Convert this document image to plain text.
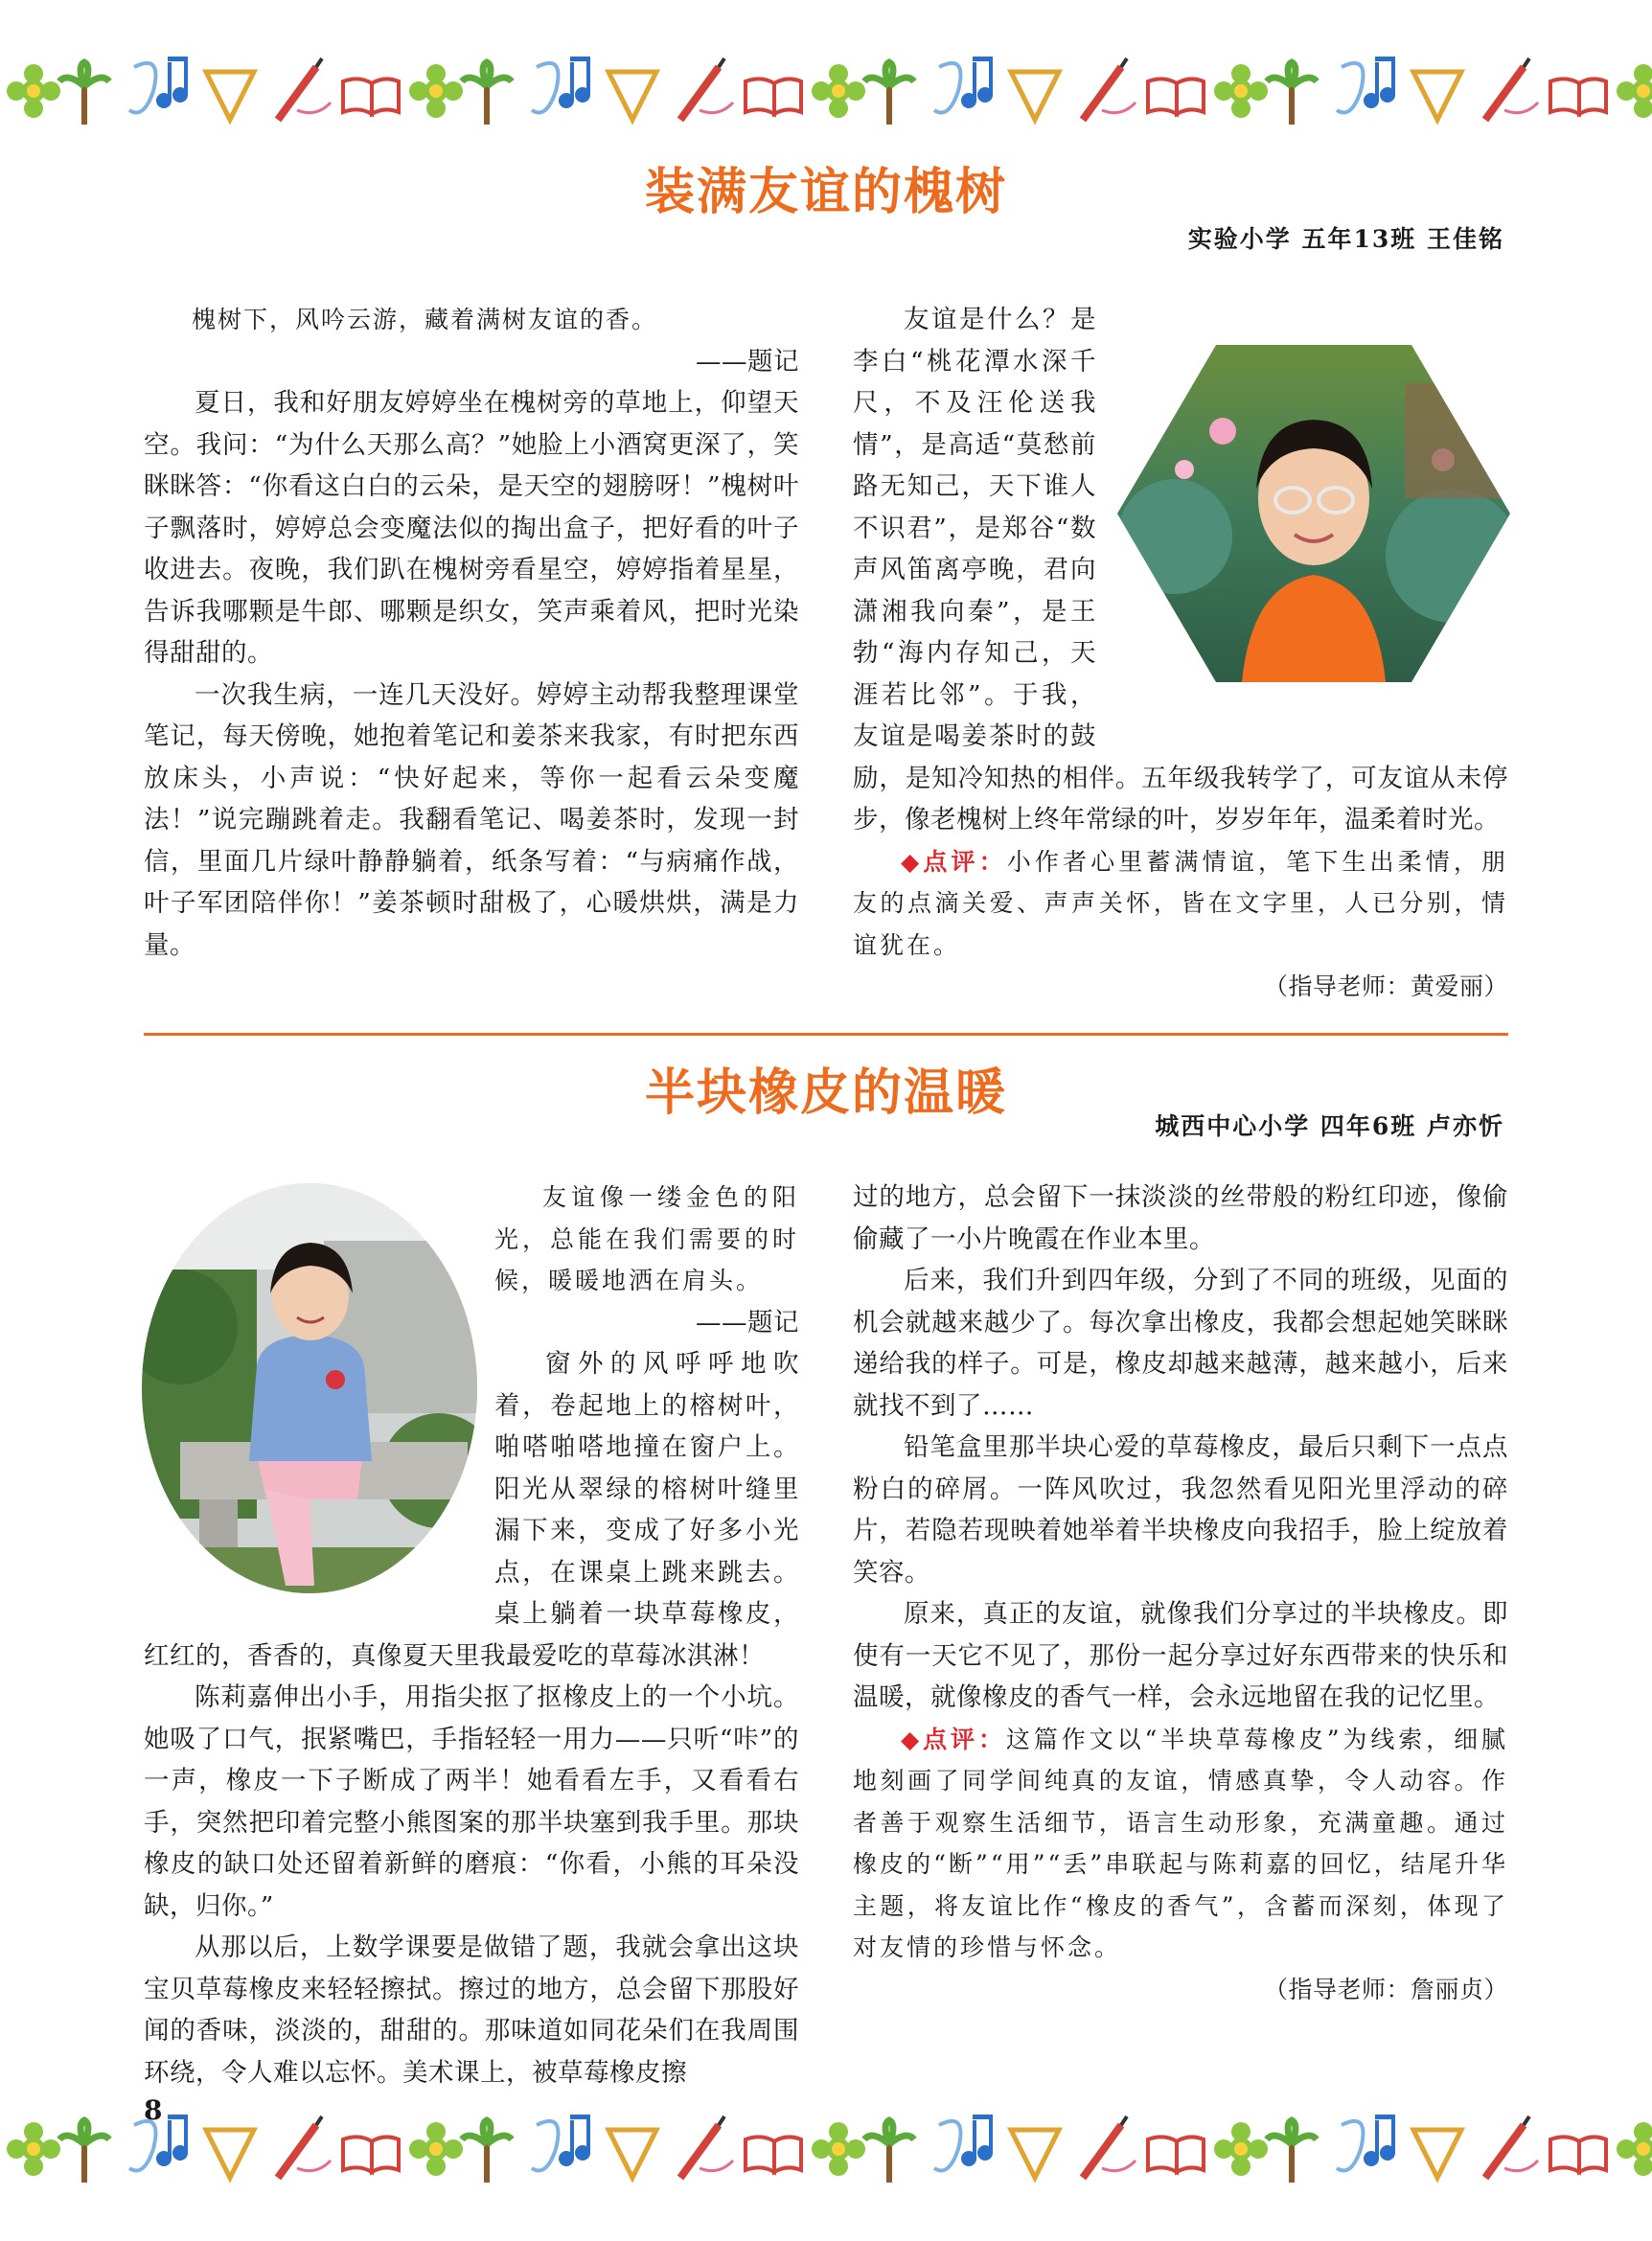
装满友谊的槐树
实验小学 五年13班 王佳铭

槐树下，风吟云游，藏着满树友谊的香。

——题记

夏日，我和好朋友婷婷坐在槐树旁的草地上，仰望天空。我问：“为什么天那么高？”她脸上小酒窝更深了，笑眯眯答：“你看这白白的云朵，是天空的翅膀呀！”槐树叶子飘落时，婷婷总会变魔法似的掏出盒子，把好看的叶子收进去。夜晚，我们趴在槐树旁看星空，婷婷指着星星，告诉我哪颗是牛郎、哪颗是织女，笑声乘着风，把时光染得甜甜的。

一次我生病，一连几天没好。婷婷主动帮我整理课堂笔记，每天傍晚，她抱着笔记和姜茶来我家，有时把东西放床头，小声说：“快好起来，等你一起看云朵变魔法！”说完蹦跳着走。我翻看笔记、喝姜茶时，发现一封信，里面几片绿叶静静躺着，纸条写着：“与病痛作战，叶子军团陪伴你！”姜茶顿时甜极了，心暖烘烘，满是力量。

友谊是什么？是李白“桃花潭水深千尺，不及汪伦送我情”，是高适“莫愁前路无知己，天下谁人不识君”，是郑谷“数声风笛离亭晚，君向潇湘我向秦”，是王勃“海内存知己，天涯若比邻”。于我，友谊是喝姜茶时的鼓励，是知冷知热的相伴。五年级我转学了，可友谊从未停步，像老槐树上终年常绿的叶，岁岁年年，温柔着时光。

◆点评：小作者心里蓄满情谊，笔下生出柔情，朋友的点滴关爱、声声关怀，皆在文字里，人已分别，情谊犹在。

（指导老师：黄爱丽）

半块橡皮的温暖
城西中心小学 四年6班 卢亦忻

友谊像一缕金色的阳光，总能在我们需要的时候，暖暖地洒在肩头。

——题记

窗外的风呼呼地吹着，卷起地上的榕树叶，啪嗒啪嗒地撞在窗户上。阳光从翠绿的榕树叶缝里漏下来，变成了好多小光点，在课桌上跳来跳去。桌上躺着一块草莓橡皮，红红的，香香的，真像夏天里我最爱吃的草莓冰淇淋！

陈莉嘉伸出小手，用指尖抠了抠橡皮上的一个小坑。她吸了口气，抿紧嘴巴，手指轻轻一用力——只听“咔”的一声，橡皮一下子断成了两半！她看看左手，又看看右手，突然把印着完整小熊图案的那半块塞到我手里。那块橡皮的缺口处还留着新鲜的磨痕：“你看，小熊的耳朵没缺，归你。”

从那以后，上数学课要是做错了题，我就会拿出这块宝贝草莓橡皮来轻轻擦拭。擦过的地方，总会留下那股好闻的香味，淡淡的，甜甜的。那味道如同花朵们在我周围环绕，令人难以忘怀。美术课上，被草莓橡皮擦

过的地方，总会留下一抹淡淡的丝带般的粉红印迹，像偷偷藏了一小片晚霞在作业本里。

后来，我们升到四年级，分到了不同的班级，见面的机会就越来越少了。每次拿出橡皮，我都会想起她笑眯眯递给我的样子。可是，橡皮却越来越薄，越来越小，后来就找不到了……

铅笔盒里那半块心爱的草莓橡皮，最后只剩下一点点粉白的碎屑。一阵风吹过，我忽然看见阳光里浮动的碎片，若隐若现映着她举着半块橡皮向我招手，脸上绽放着笑容。

原来，真正的友谊，就像我们分享过的半块橡皮。即使有一天它不见了，那份一起分享过好东西带来的快乐和温暖，就像橡皮的香气一样，会永远地留在我的记忆里。

◆点评：这篇作文以“半块草莓橡皮”为线索，细腻地刻画了同学间纯真的友谊，情感真挚，令人动容。作者善于观察生活细节，语言生动形象，充满童趣。通过橡皮的“断”“用”“丢”串联起与陈莉嘉的回忆，结尾升华主题，将友谊比作“橡皮的香气”，含蓄而深刻，体现了对友情的珍惜与怀念。

（指导老师：詹丽贞）

8
